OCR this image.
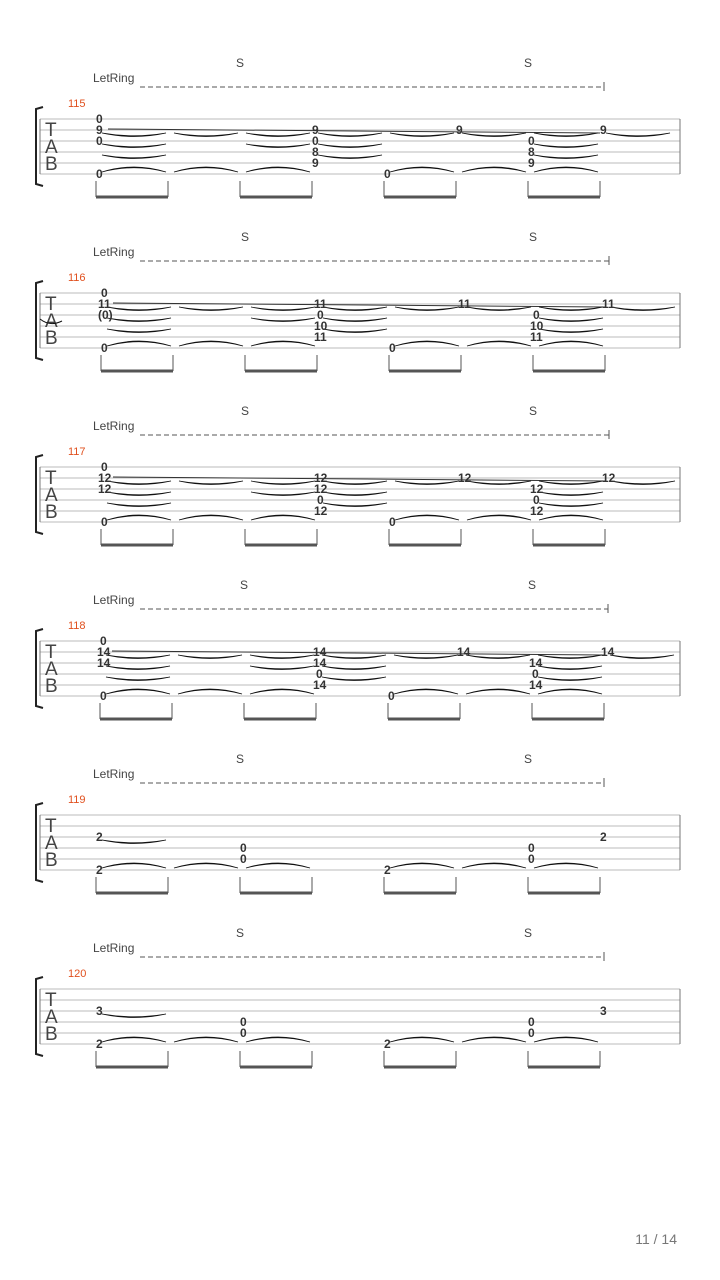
LetRing
S	S
115
T
A
B
0
9
0
0
9
0
8
9
0
9
0
8
9
9
LetRing
S	S
116
T
A
B
0
11
(0)
0
11
0
10
11
0
11
0
10
11
11
LetRing
S	S
117
T
A
B
0
12
12
0
12
12
0
12
0
12
12
0
12
12
LetRing
S	S
118
T
A
B
0
14
14
0
14
14
0
14
0
14
14
0
14
14
LetRing
S	S
119
T
A
B
2
2
0
0
2
0
0
2
LetRing
S	S
120
T
A
B
3
2
0
0
2
0
0
3
11 / 14
